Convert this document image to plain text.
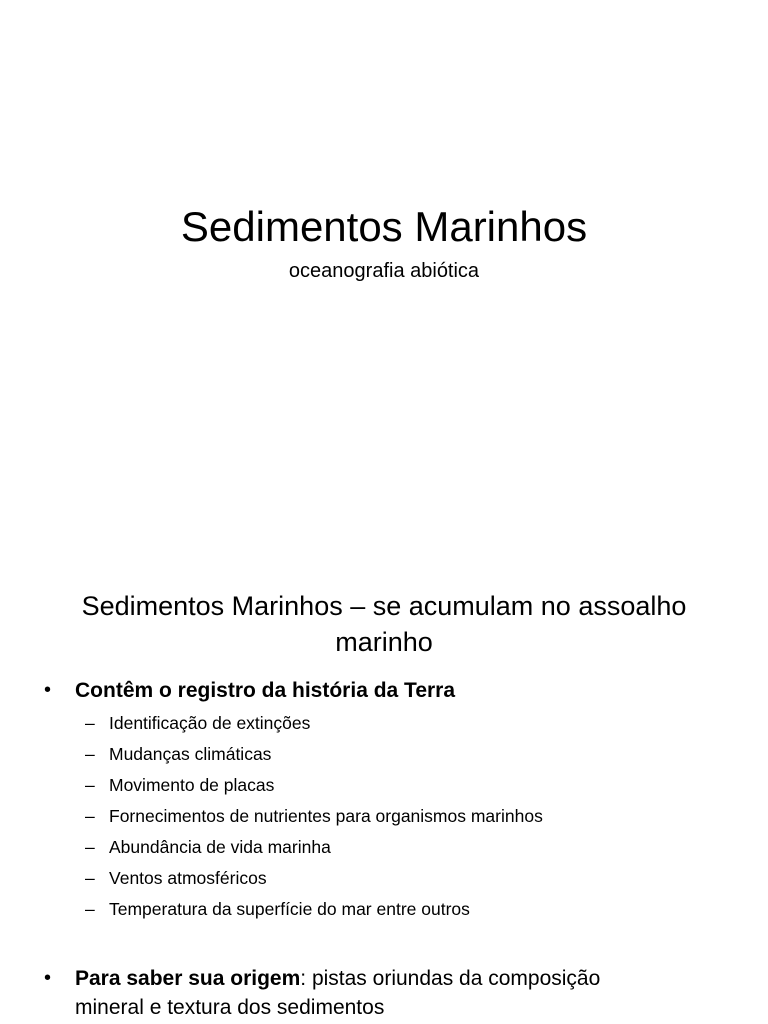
Sedimentos Marinhos

oceanografia abiótica

Sedimentos Marinhos – se acumulam no assoalho
marinho
•	Contêm o registro da história da Terra
– Identificação de extinções
– Mudanças climáticas
– Movimento de placas
– Fornecimentos de nutrientes para organismos marinhos
– Abundância de vida marinha
– Ventos atmosféricos
– Temperatura da superfície do mar entre outros
•	Para saber sua origem: pistas oriundas da composição
mineral e textura dos sedimentos
